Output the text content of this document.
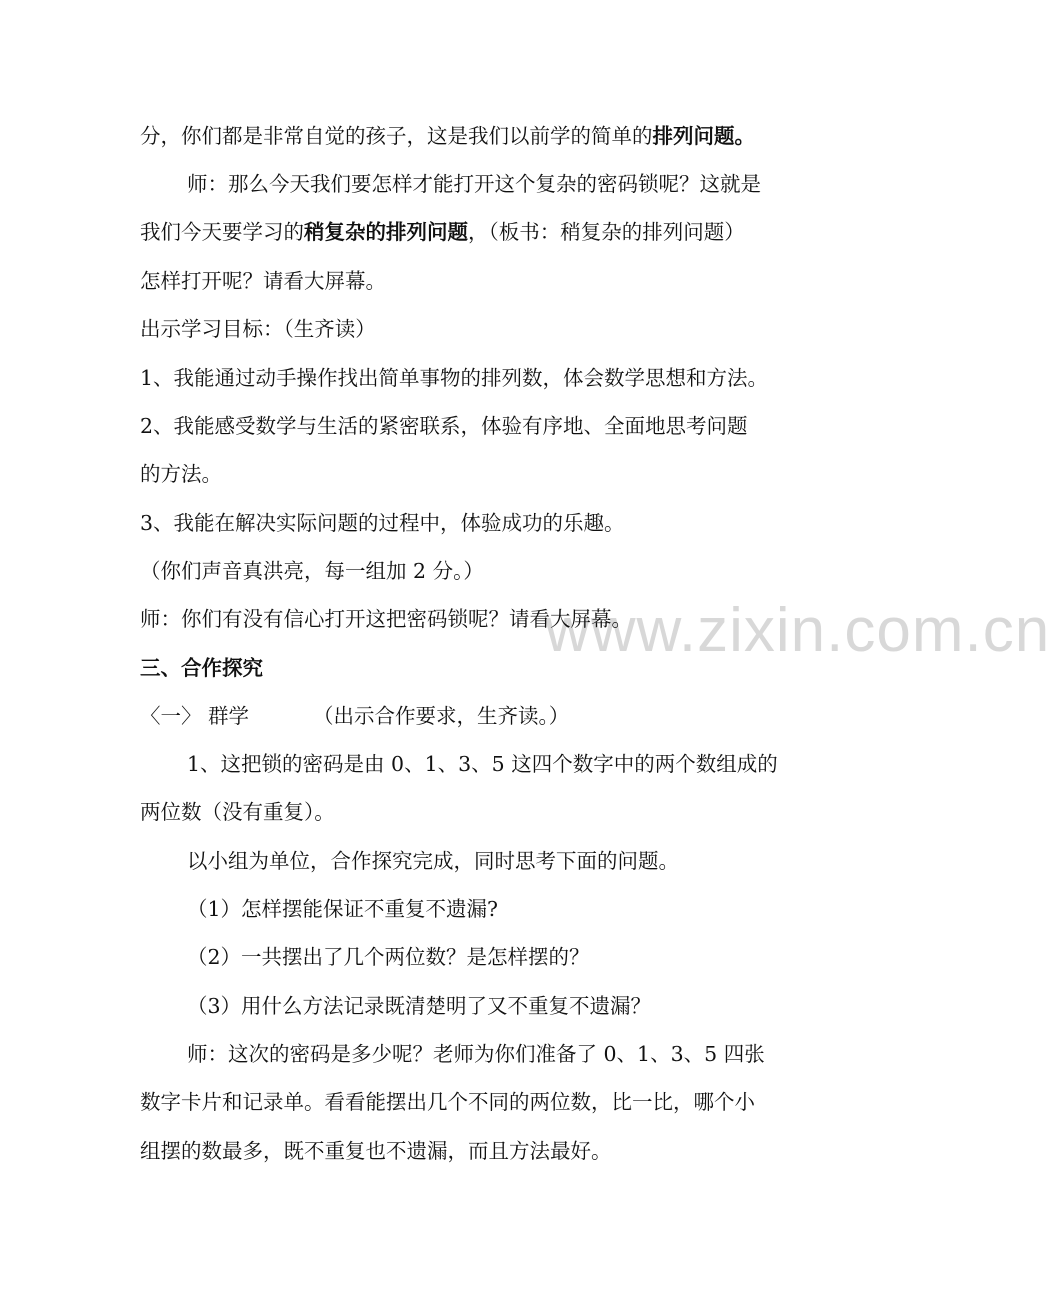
www.zixin.com.cn
分，你们都是非常自觉的孩子，这是我们以前学的简单的排列问题。
师：那么今天我们要怎样才能打开这个复杂的密码锁呢？这就是
我们今天要学习的稍复杂的排列问题，（板书：稍复杂的排列问题）
怎样打开呢？请看大屏幕。
出示学习目标：（生齐读）
1、我能通过动手操作找出简单事物的排列数，体会数学思想和方法。
2、我能感受数学与生活的紧密联系，体验有序地、全面地思考问题
的方法。
3、我能在解决实际问题的过程中，体验成功的乐趣。
（你们声音真洪亮，每一组加 2 分。）
师：你们有没有信心打开这把密码锁呢？请看大屏幕。
三、合作探究
〈一〉 群学	（出示合作要求，生齐读。）
1、这把锁的密码是由 0、1、3、5 这四个数字中的两个数组成的
两位数（没有重复）。
以小组为单位，合作探究完成，同时思考下面的问题。
（1）怎样摆能保证不重复不遗漏?
（2）一共摆出了几个两位数？是怎样摆的？
（3）用什么方法记录既清楚明了又不重复不遗漏？
师：这次的密码是多少呢？老师为你们准备了 0、1、3、5 四张
数字卡片和记录单。看看能摆出几个不同的两位数，比一比，哪个小
组摆的数最多，既不重复也不遗漏，而且方法最好。
